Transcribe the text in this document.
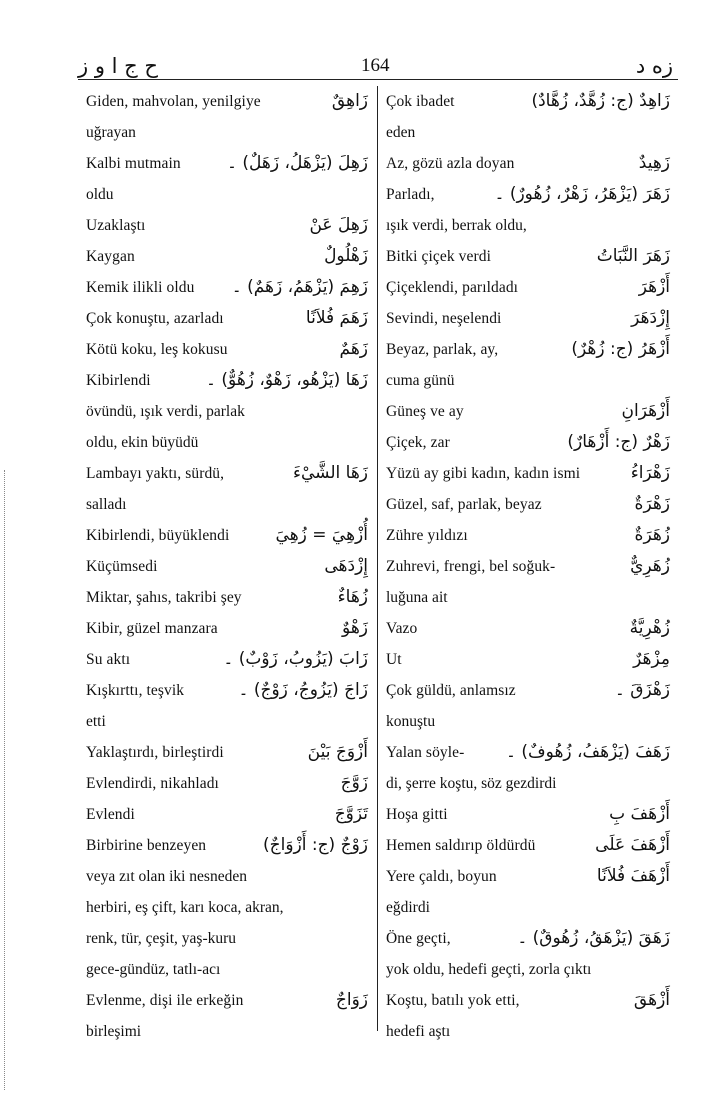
ح ج ا و ز	164	زه د
Giden, mahvolan, yenilgiye	زَاهِقٌ
uğrayan
Kalbi mutmain	زَهِلَ (يَزْهَلُ، زَهَلٌ) ۔
oldu
Uzaklaştı	زَهِلَ عَنْ
Kaygan	زَهْلُولٌ
Kemik ilikli oldu زَهِمَ (يَزْهَمُ، زَهَمٌ) ۔
Çok konuştu, azarladı	زَهَمَ فُلاَنًا
Kötü koku, leş kokusu	زَهَمٌ
Kibirlendi	زَهَا (يَزْهُو، زَهْوٌ، زُهُوٌّ) ۔
övündü, ışık verdi, parlak
oldu, ekin büyüdü
Lambayı yaktı, sürdü,	زَهَا الشَّيْءَ
salladı
Kibirlendi, büyüklendi	أُزْهِيَ = زُهِيَ
Küçümsedi	إِزْدَهَى
Miktar, şahıs, takribi şey	زُهَاءٌ
Kibir, güzel manzara	زَهْوٌ
Su aktı	زَابَ (يَزُوبُ، زَوْبٌ) ۔
Kışkırttı, teşvik	زَاجَ (يَزُوجُ، زَوْجٌ) ۔
etti
Yaklaştırdı, birleştirdi	أَزْوَجَ بَيْنَ
Evlendirdi, nikahladı	زَوَّجَ
Evlendi	تَزَوَّجَ
Birbirine benzeyen	زَوْجٌ (ج: أَزْوَاجٌ)
veya zıt olan iki nesneden
herbiri, eş çift, karı koca, akran,
renk, tür, çeşit, yaş-kuru
gece-gündüz, tatlı-acı
Evlenme, dişi ile erkeğin	زَوَاجٌ
birleşimi
Çok ibadet	زَاهِدٌ (ج: زُهَّدٌ، زُهَّادٌ)
eden
Az, gözü azla doyan	زَهِيدٌ
Parladı,	زَهَرَ (يَزْهَرُ، زَهْرٌ، زُهُورٌ) ۔
ışık verdi, berrak oldu,
Bitki çiçek verdi	زَهَرَ النَّبَاتُ
Çiçeklendi, parıldadı	أَزْهَرَ
Sevindi, neşelendi	إِزْدَهَرَ
Beyaz, parlak, ay,	أَزْهَرُ (ج: زُهْرٌ)
cuma günü
Güneş ve ay	أَزْهَرَانِ
Çiçek, zar	زَهْرٌ (ج: أَزْهَارٌ)
Yüzü ay gibi kadın, kadın ismi	زَهْرَاءُ
Güzel, saf, parlak, beyaz	زَهْرَةٌ
Zühre yıldızı	زُهَرَةٌ
Zuhrevi, frengi, bel soğuk-	زُهَرِيٌّ
luğuna ait
Vazo	زُهْرِيَّةٌ
Ut	مِزْهَرٌ
Çok güldü, anlamsız	زَهْزَقَ ۔
konuştu
Yalan söyle- زَهَفَ (يَزْهَفُ، زُهُوفٌ) ۔
di, şerre koştu, söz gezdirdi
Hoşa gitti	أَزْهَفَ بِ
Hemen saldırıp öldürdü	أَزْهَفَ عَلَى
Yere çaldı, boyun	أَزْهَفَ فُلاَنًا
eğdirdi
Öne geçti,	زَهَقَ (يَزْهَقُ، زُهُوقٌ) ۔
yok oldu, hedefi geçti, zorla çıktı
Koştu, batılı yok etti,	أَزْهَقَ
hedefi aştı
